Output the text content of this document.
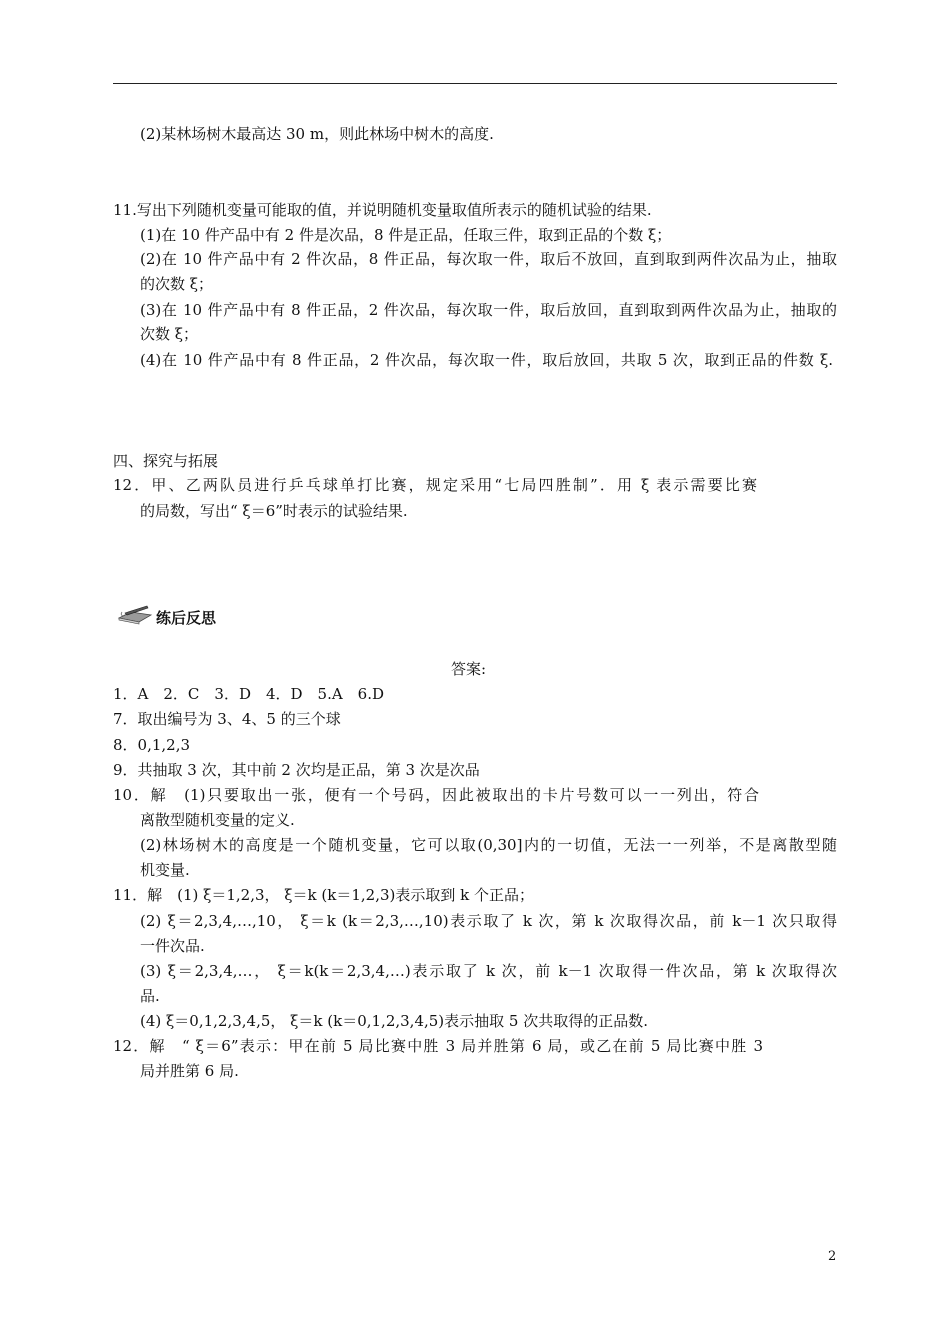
(2)某林场树木最高达 30 m，则此林场中树木的高度.
11.写出下列随机变量可能取的值，并说明随机变量取值所表示的随机试验的结果.
(1)在 10 件产品中有 2 件是次品，8 件是正品，任取三件，取到正品的个数 ξ；
(2)在 10 件产品中有 2 件次品，8 件正品，每次取一件，取后不放回，直到取到两件次品为止，抽取
的次数 ξ；
(3)在 10 件产品中有 8 件正品，2 件次品，每次取一件，取后放回，直到取到两件次品为止，抽取的
次数 ξ；
(4)在 10 件产品中有 8 件正品，2 件次品，每次取一件，取后放回，共取 5 次，取到正品的件数 ξ.
四、探究与拓展
12．甲、乙两队员进行乒乓球单打比赛，规定采用“七局四胜制”．用 ξ 表示需要比赛
的局数，写出“ ξ＝6”时表示的试验结果.
练后反思
答案:
1．A　2．C　3．D　4．D　5.A　6.D
7．取出编号为 3、4、5 的三个球
8．0,1,2,3
9．共抽取 3 次，其中前 2 次均是正品，第 3 次是次品
10．解　(1)只要取出一张，便有一个号码，因此被取出的卡片号数可以一一列出，符合
离散型随机变量的定义.
(2)林场树木的高度是一个随机变量，它可以取(0,30]内的一切值，无法一一列举，不是离散型随
机变量.
11．解　(1) ξ＝1,2,3， ξ＝k (k＝1,2,3)表示取到 k 个正品；
(2) ξ＝2,3,4,…,10， ξ＝k (k＝2,3,…,10)表示取了 k 次，第 k 次取得次品，前 k－1 次只取得
一件次品.
(3) ξ＝2,3,4,…， ξ＝k(k＝2,3,4,…)表示取了 k 次，前 k－1 次取得一件次品，第 k 次取得次
品.
(4) ξ＝0,1,2,3,4,5， ξ＝k (k＝0,1,2,3,4,5)表示抽取 5 次共取得的正品数.
12．解　“ ξ＝6”表示：甲在前 5 局比赛中胜 3 局并胜第 6 局，或乙在前 5 局比赛中胜 3
局并胜第 6 局.
2
